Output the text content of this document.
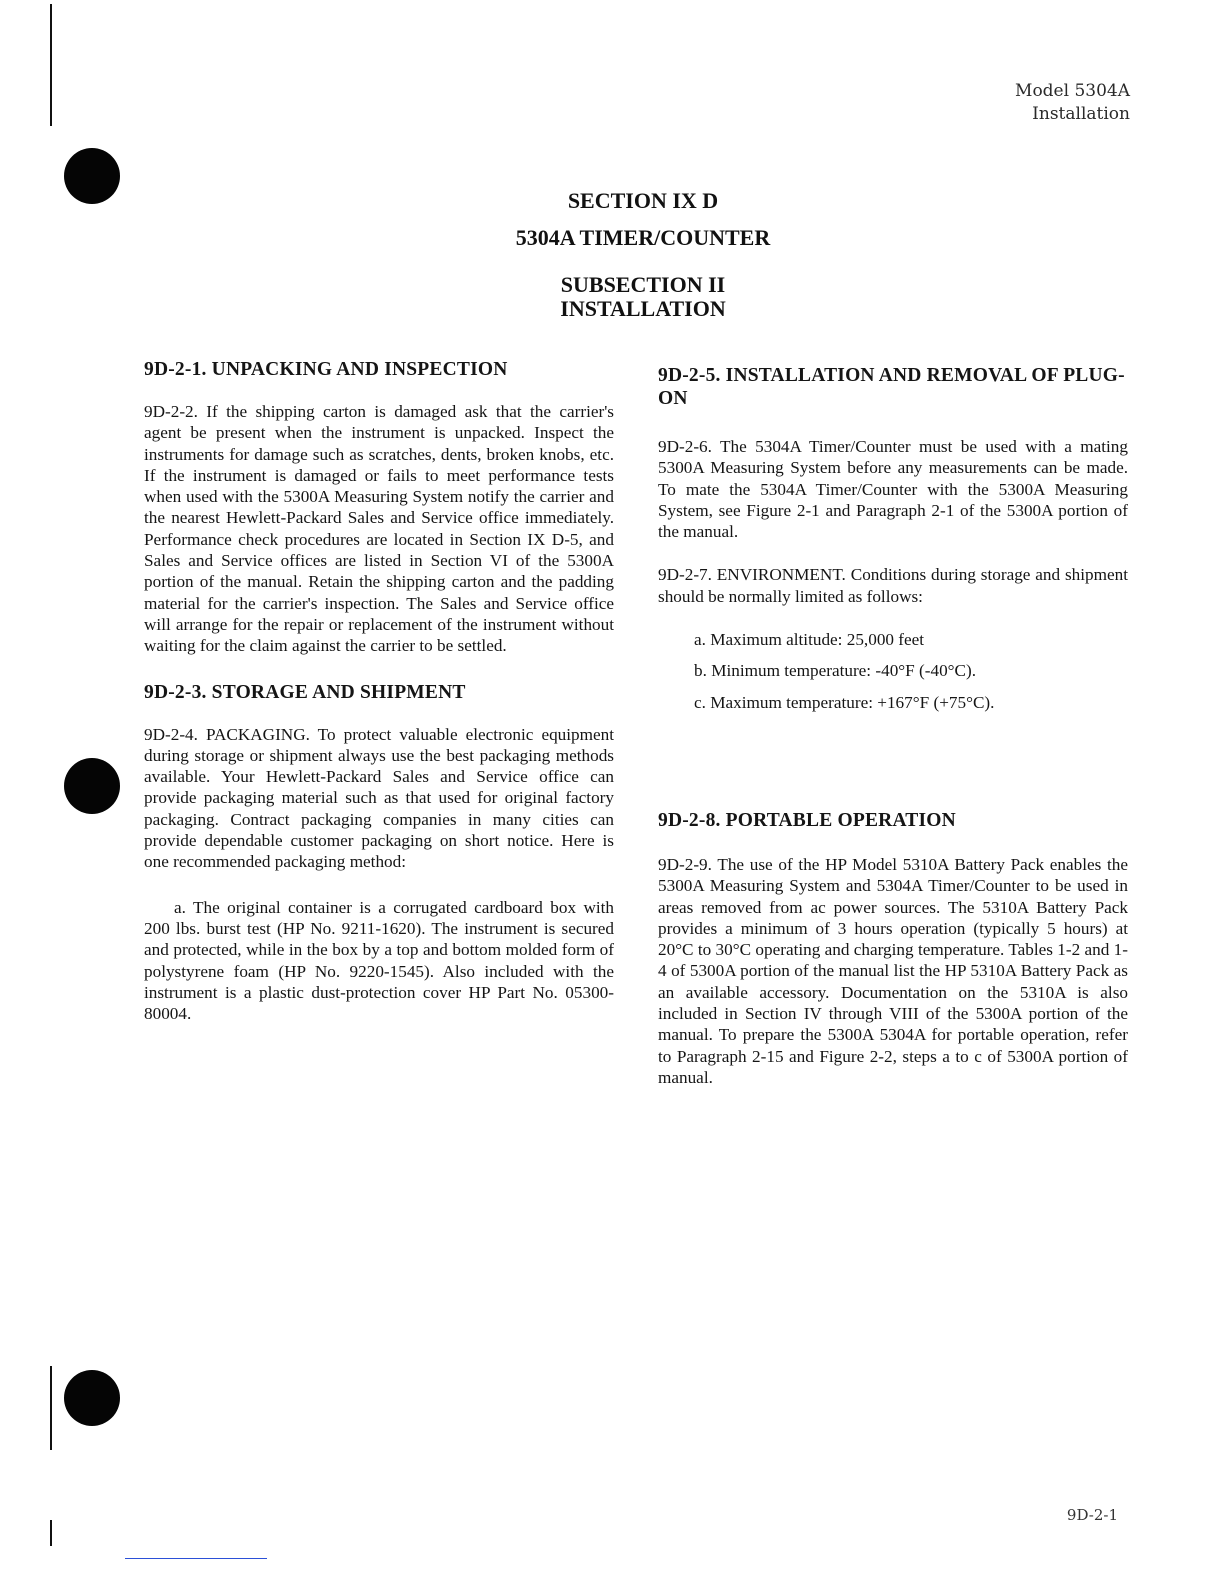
Model 5304A
Installation
SECTION IX D
5304A TIMER/COUNTER
SUBSECTION II
INSTALLATION
9D-2-1. UNPACKING AND INSPECTION

9D-2-2. If the shipping carton is damaged ask that the carrier's agent be present when the instrument is unpacked. Inspect the instruments for damage such as scratches, dents, broken knobs, etc. If the instrument is damaged or fails to meet performance tests when used with the 5300A Measuring System notify the carrier and the nearest Hewlett-Packard Sales and Service office immediately. Performance check procedures are located in Section IX D-5, and Sales and Service offices are listed in Section VI of the 5300A portion of the manual. Retain the shipping carton and the padding material for the carrier's inspection. The Sales and Service office will arrange for the repair or replacement of the instrument without waiting for the claim against the carrier to be settled.

9D-2-3. STORAGE AND SHIPMENT

9D-2-4. PACKAGING. To protect valuable electronic equipment during storage or shipment always use the best packaging methods available. Your Hewlett-Packard Sales and Service office can provide packaging material such as that used for original factory packaging. Contract packaging companies in many cities can provide dependable customer packaging on short notice. Here is one recommended packaging method:

a. The original container is a corrugated cardboard box with 200 lbs. burst test (HP No. 9211-1620). The instrument is secured and protected, while in the box by a top and bottom molded form of polystyrene foam (HP No. 9220-1545). Also included with the instrument is a plastic dust-protection cover HP Part No. 05300-80004.

9D-2-5. INSTALLATION AND REMOVAL OF PLUG-ON

9D-2-6. The 5304A Timer/Counter must be used with a mating 5300A Measuring System before any measurements can be made. To mate the 5304A Timer/Counter with the 5300A Measuring System, see Figure 2-1 and Paragraph 2-1 of the 5300A portion of the manual.

9D-2-7. ENVIRONMENT. Conditions during storage and shipment should be normally limited as follows:

a. Maximum altitude: 25,000 feet
b. Minimum temperature: -40°F (-40°C).
c. Maximum temperature: +167°F (+75°C).
9D-2-8. PORTABLE OPERATION

9D-2-9. The use of the HP Model 5310A Battery Pack enables the 5300A Measuring System and 5304A Timer/Counter to be used in areas removed from ac power sources. The 5310A Battery Pack provides a minimum of 3 hours operation (typically 5 hours) at 20°C to 30°C operating and charging temperature. Tables 1-2 and 1-4 of 5300A portion of the manual list the HP 5310A Battery Pack as an available accessory. Documentation on the 5310A is also included in Section IV through VIII of the 5300A portion of the manual. To prepare the 5300A 5304A for portable operation, refer to Paragraph 2-15 and Figure 2-2, steps a to c of 5300A portion of manual.

9D-2-1
